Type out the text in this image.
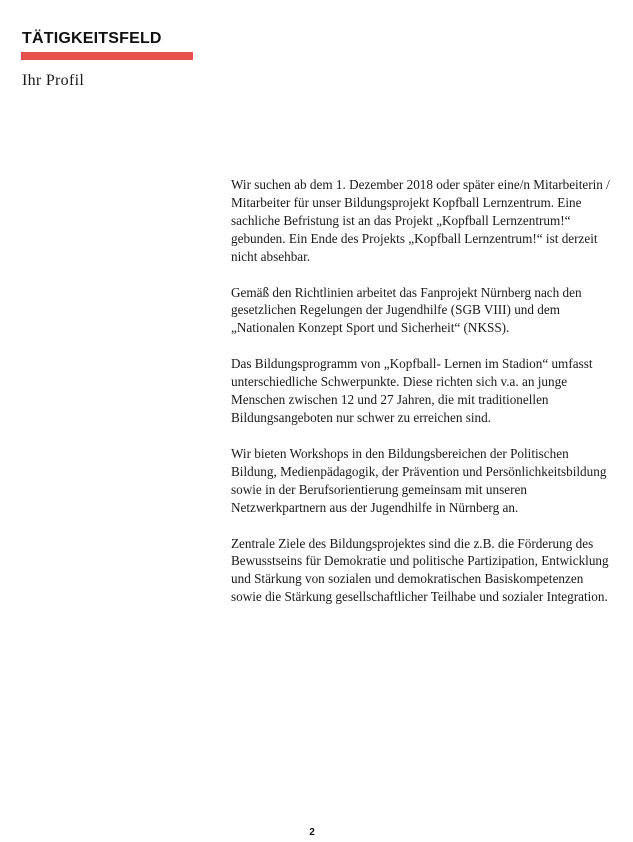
TÄTIGKEITSFELD
Ihr Profil

Wir suchen ab dem 1. Dezember 2018 oder später eine/n Mitarbeiterin / Mitarbeiter für unser Bildungsprojekt Kopfball Lernzentrum. Eine sachliche Befristung ist an das Projekt „Kopfball Lernzentrum!“ gebunden. Ein Ende des Projekts „Kopfball Lernzentrum!“ ist derzeit nicht absehbar.

Gemäß den Richtlinien arbeitet das Fanprojekt Nürnberg nach den gesetzlichen Regelungen der Jugendhilfe (SGB VIII) und dem „Nationalen Konzept Sport und Sicherheit“ (NKSS).

Das Bildungsprogramm von „Kopfball- Lernen im Stadion“ umfasst unterschiedliche Schwerpunkte. Diese richten sich v.a. an junge Menschen zwischen 12 und 27 Jahren, die mit traditionellen Bildungsangeboten nur schwer zu erreichen sind.

Wir bieten Workshops in den Bildungsbereichen der Politischen Bildung, Medienpädagogik, der Prävention und Persönlichkeitsbildung sowie in der Berufsorientierung gemeinsam mit unseren Netzwerkpartnern aus der Jugendhilfe in Nürnberg an.

Zentrale Ziele des Bildungsprojektes sind die z.B. die Förderung des Bewusstseins für Demokratie und politische Partizipation, Entwicklung und Stärkung von sozialen und demokratischen Basiskompetenzen sowie die Stärkung gesellschaftlicher Teilhabe und sozialer Integration.

2
